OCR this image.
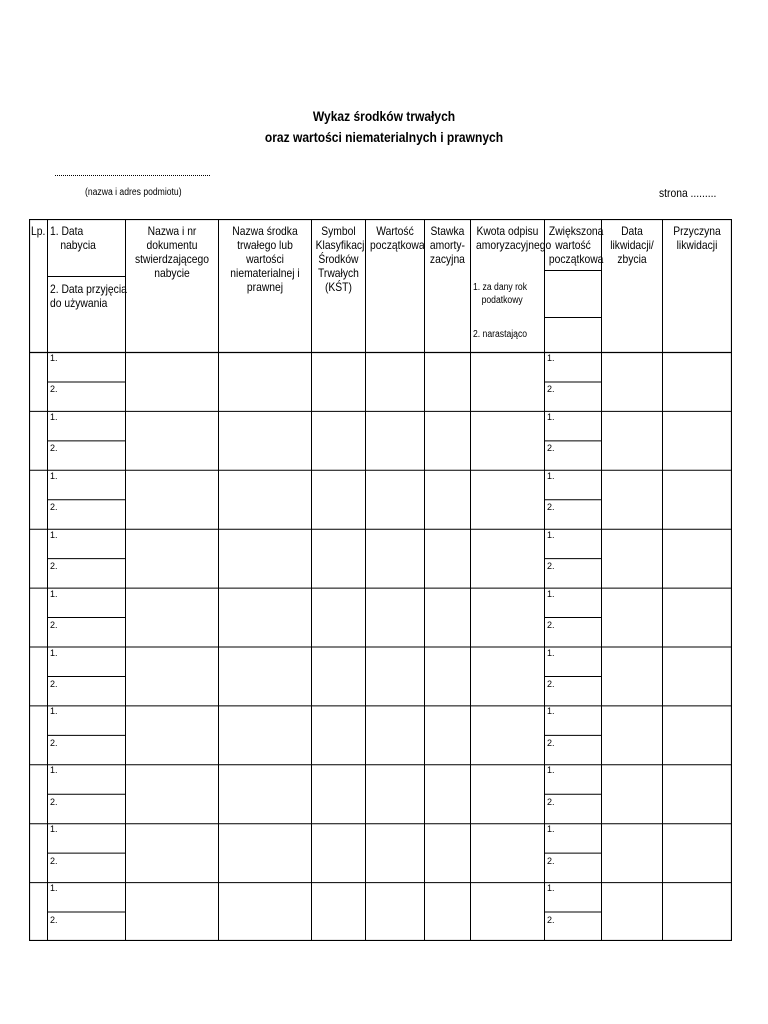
Wykaz środków trwałych
oraz wartości niematerialnych i prawnych
(nazwa i adres podmiotu)	strona .........
Lp. 1. Data
nabycia
2. Data przyjęcia
do używania
Nazwa i nr
dokumentu
stwierdzającego
nabycie
Nazwa środka
trwałego lub
wartości
niematerialnej i
prawnej
Symbol
Klasyfikacji
Środków
Trwałych
(KŚT)
Wartość
początkowa
Stawka
amorty-
zacyjna
Kwota odpisu
amoryzacyjnego
1. za dany rok
podatkowy
2. narastająco
Zwiększona
wartość
początkowa
Data
likwidacji/
zbycia
Przyczyna
likwidacji
1.
2.
1.
2.
1.
2.
1.
2.
1.
2.
1.
2.
1.
2.
1.
2.
1.
2.
1.
2.
1.
2.
1.
2.
1.
2.
1.
2.
1.
2.
1.
2.
1.
2.
1.
2.
1.
2.
1.
2.
